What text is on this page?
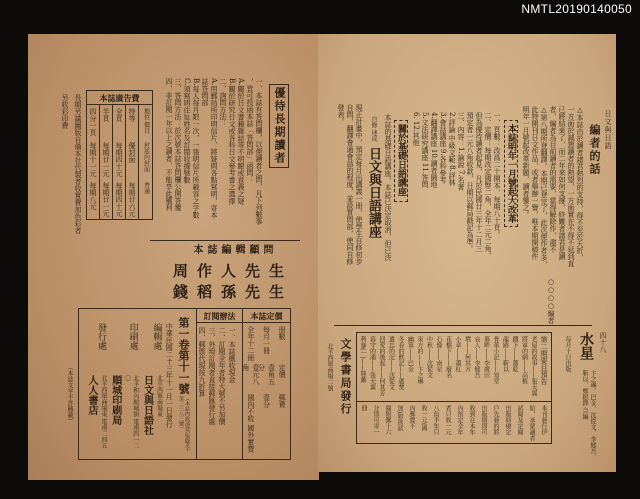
NMTL20190140050
優待長期讀者
一、本誌有答問欄，以便讀者之問，凡下列數事
，皆可投函本誌「答問部」函問：
A.關於日文書籍雜誌等不明瞭或意義之疑
B.關於研究日文或各科日文參考書之選擇
二、詢問方法：
A.用郵局所印明信片，將疑問各點寫明，寄本
誌答問部
B.每人每月限一次，一張明信片所載容之字數
C.須寫明住址姓名及訂閱收據號數
三、答問方法：於次號本誌答問欄公開答覆
四、非訂閱一年以上之讀者，不能享此權利
本誌廣告費
地位 價目
封底內封面
普通
特等
優封面
每期廿六元
全頁
每期四十元
每期四十元
半頁
每期廿一元
每期廿一元
四分一頁
每期十一元
每期八元
長期另議圖版自備本社代製者收實費加色彩者
另收彩印費
本誌編輯顧問
周作人先生
錢稻孫先生
本誌定價
冊數
定價
郵費
每月一冊
壹角五分
壹分
全年十二冊
壹元八角
國內不收 國外實費
訂閱辦法
一、本誌概收現金
二、訂閱全年者特大號不另加價
三、外埠訂閱者直接郵匯發行處
四、郵票代現按九折算
第一卷第十一號
（本誌內政部登記證警字第三三八三號）
中華民國二十三年十一月一日發行
編輯處
北平西單商場東
日文與日語社
印刷處
北平和內順城街 電南四一二〇
順城印刷局
發行處
北平西單商場東 電南二四五
人人書店
（本誌文字不許轉載）
日文與日語
編者的話
△本誌由於讀者諸君熱烈的支持，得不至於夭折，
一方面於誠懇讀者的熱望，一方面實在不得不延到直
已將結束了，而二年來如何支撐，終難者諸君是讀
者，編者為目前讀者的需要，當得解除作，盡不
△第八期所登翻譯，本期已登完了，此次便作者多，
此特開刊日文作品，或者舉辦一譽，唯本期開稿件
明年一月號起改革新題，讀者鑒之。
本誌明年一月號起大改革
一、頁數：改爲二十開本，每期八十頁。
二、定價：每期改定國幣二角，全年二元二角，
但為優待讀者起見，凡於民國廿三年十二月三
預定者一元八角收款，日期以郵局戳記為準。
三、內容：1.論說 7.名著
2.評論 中級文範 8.評林
3.會話講座 9.各科參考
4.翻譯講座 10.讀者園地
5.文法研究講座 11.答問
6. 12.其他
關於基礎日語講座
本誌的基礎日語講座，本誌已決定取消，但已決
自修 速成 日文與日語講座
現正計畫中，預定每月出講義一冊，使學生自修初步
自問，翻譯會通會話的程度，並設質問部，使同自修
發表。
○○○○編者
四十八
水星
每月十日出版
卞之琳、巴金、沈從文、李健吾、靳以、鄭振鐸 合編
第二期要目預告
老屋的故事——張天翼
將軍的劇——高植
鐵下——蕭乾
龍路——靳以
骨董小記——知堂
墓畔——李廣田
哀人——李健吾
墳——何其方
小章——蕭紅
花樹下——廢名
石像——南星
中秋——沈從文
東方的——卞之琳
幽篁——巴金
冬春的飲記——蘆焚
遺忘的記——沈從文
回愛的後起——何其芳
暮守的浦——張天翼
利暴(一)——陸蠡
本刊發行伊
始，承蒙讀者
試閱及定閱
出版時優定
戶先發的將
出版期即可
收到在本年
內預定全年
者只收一元
八角半年只
收一元(國
內郵費不
加)如欲試
閱附郵十六
分即可寄一
冊
文學書局發行
北平西單商場二號
